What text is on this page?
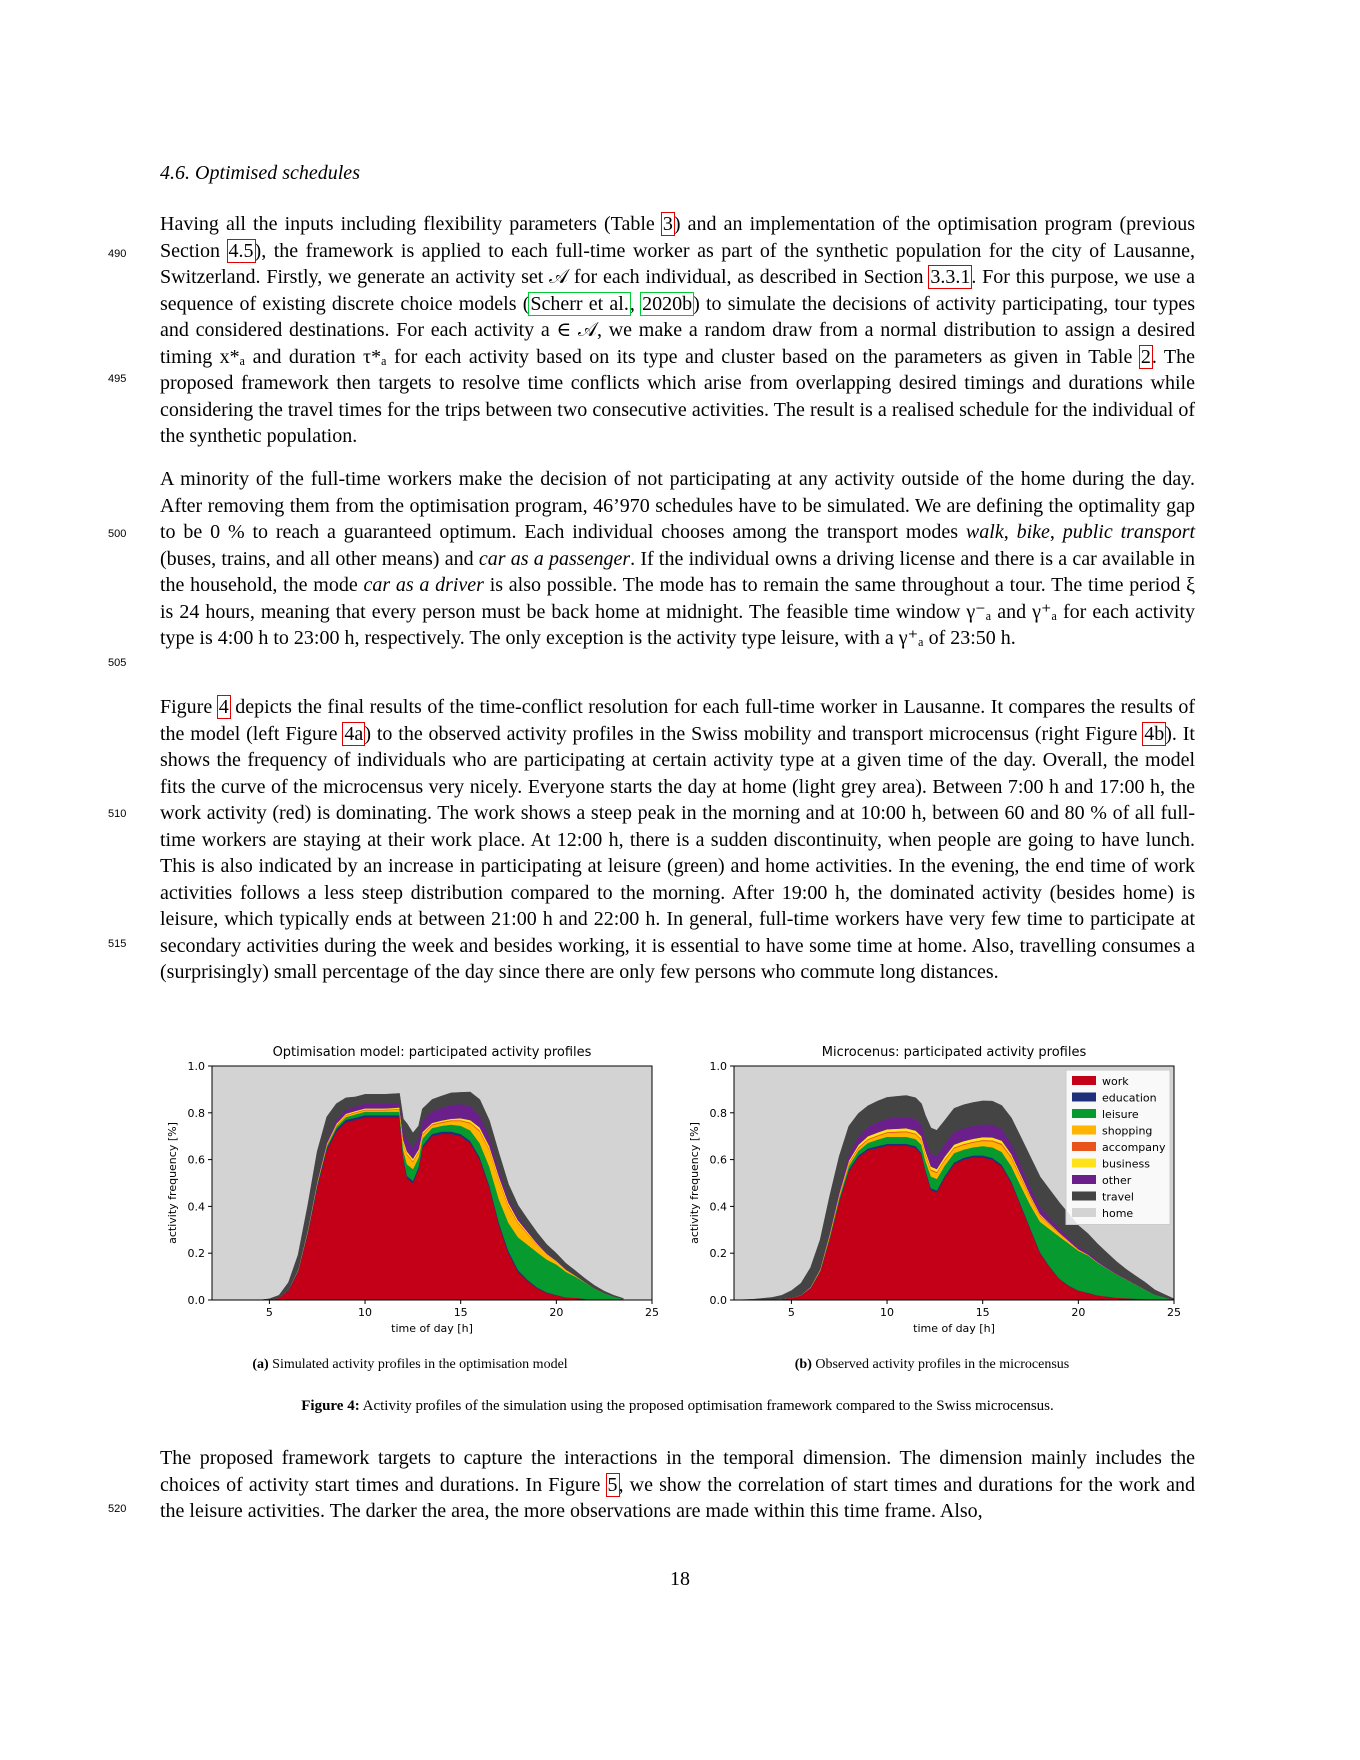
4.6. Optimised schedules
490
495
500
505
510
515
520

Having all the inputs including flexibility parameters (Table 3) and an implementation of the optimisation program (previous Section 4.5), the framework is applied to each full-time worker as part of the synthetic population for the city of Lausanne, Switzerland. Firstly, we generate an activity set 𝒜 for each individual, as described in Section 3.3.1. For this purpose, we use a sequence of existing discrete choice models (Scherr et al., 2020b) to simulate the decisions of activity participating, tour types and considered destinations. For each activity a ∈ 𝒜, we make a random draw from a normal distribution to assign a desired timing x*ₐ and duration τ*ₐ for each activity based on its type and cluster based on the parameters as given in Table 2. The proposed framework then targets to resolve time conflicts which arise from overlapping desired timings and durations while considering the travel times for the trips between two consecutive activities. The result is a realised schedule for the individual of the synthetic population.

A minority of the full-time workers make the decision of not participating at any activity outside of the home during the day. After removing them from the optimisation program, 46’970 schedules have to be simulated. We are defining the optimality gap to be 0 % to reach a guaranteed optimum. Each individual chooses among the transport modes walk, bike, public transport (buses, trains, and all other means) and car as a passenger. If the individual owns a driving license and there is a car available in the household, the mode car as a driver is also possible. The mode has to remain the same throughout a tour. The time period ξ is 24 hours, meaning that every person must be back home at midnight. The feasible time window γ⁻ₐ and γ⁺ₐ for each activity type is 4:00 h to 23:00 h, respectively. The only exception is the activity type leisure, with a γ⁺ₐ of 23:50 h.

Figure 4 depicts the final results of the time-conflict resolution for each full-time worker in Lausanne. It compares the results of the model (left Figure 4a) to the observed activity profiles in the Swiss mobility and transport microcensus (right Figure 4b). It shows the frequency of individuals who are participating at certain activity type at a given time of the day. Overall, the model fits the curve of the microcensus very nicely. Everyone starts the day at home (light grey area). Between 7:00 h and 17:00 h, the work activity (red) is dominating. The work shows a steep peak in the morning and at 10:00 h, between 60 and 80 % of all full-time workers are staying at their work place. At 12:00 h, there is a sudden discontinuity, when people are going to have lunch. This is also indicated by an increase in participating at leisure (green) and home activities. In the evening, the end time of work activities follows a less steep distribution compared to the morning. After 19:00 h, the dominated activity (besides home) is leisure, which typically ends at between 21:00 h and 22:00 h. In general, full-time workers have very few time to participate at secondary activities during the week and besides working, it is essential to have some time at home. Also, travelling consumes a (surprisingly) small percentage of the day since there are only few persons who commute long distances.

Optimisation model: participated activity profiles
5	10	15	20	25
0.0
0.2
0.4
0.6
0.8
1.0
time of day [h]
activity frequency [%]
Microcenus: participated activity profiles
5	10	15	20	25
0.0
0.2
0.4
0.6
0.8
1.0
time of day [h]
activity frequency [%]
work
education
leisure
shopping
accompany
business
other
travel
home
(a) Simulated activity profiles in the optimisation model	(b) Observed activity profiles in the microcensus
Figure 4: Activity profiles of the simulation using the proposed optimisation framework compared to the Swiss microcensus.

The proposed framework targets to capture the interactions in the temporal dimension. The dimension mainly includes the choices of activity start times and durations. In Figure 5, we show the correlation of start times and durations for the work and the leisure activities. The darker the area, the more observations are made within this time frame. Also,

18
